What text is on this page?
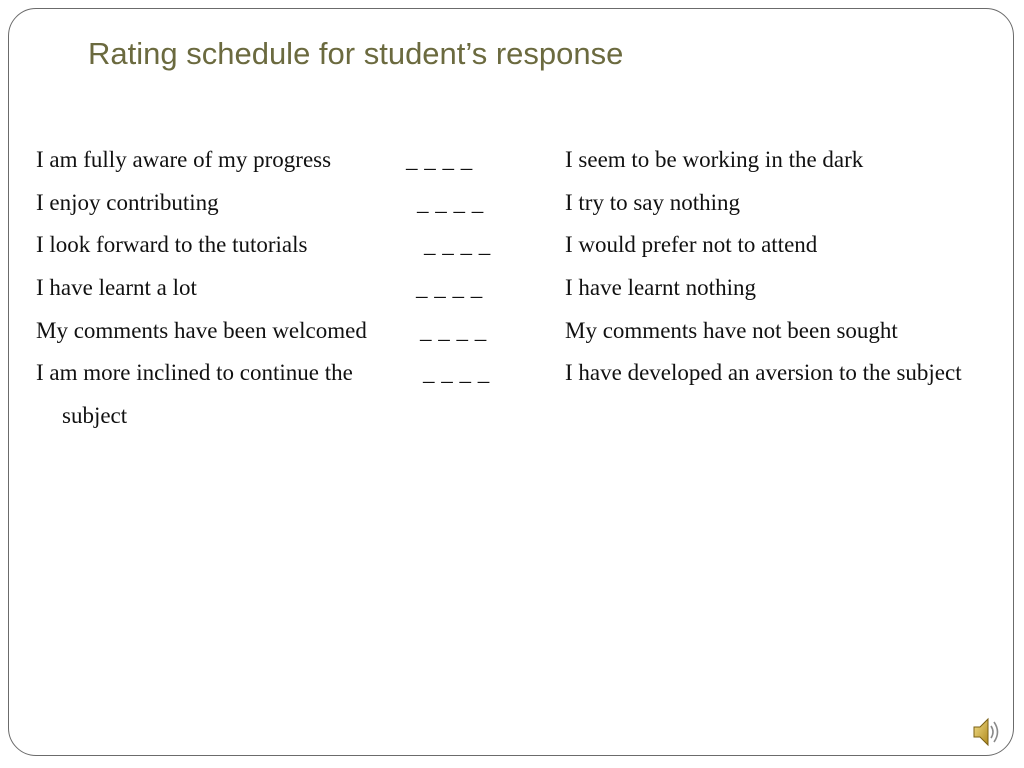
Rating schedule for student’s response
I am fully aware of my progress	_ _ _ _	I seem to be working in the dark
I enjoy contributing	_ _ _ _	I try to say nothing
I look forward to the tutorials	_ _ _ _	I would prefer not to attend
I have learnt a lot	_ _ _ _	I have learnt nothing
My comments have been welcomed _ _ _ _	My comments have not been sought
I am more inclined to continue the	_ _ _ _	I have developed an aversion to the subject
subject
